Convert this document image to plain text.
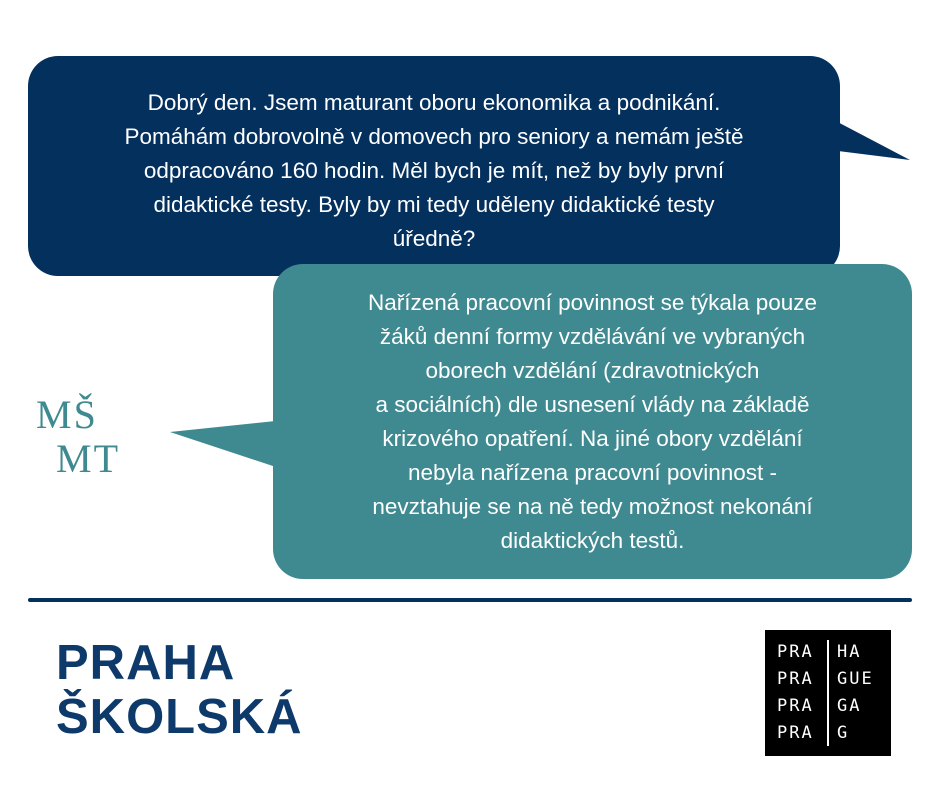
Dobrý den. Jsem maturant oboru ekonomika a podnikání.
Pomáhám dobrovolně v domovech pro seniory a nemám ještě
odpracováno 160 hodin. Měl bych je mít, než by byly první
didaktické testy. Byly by mi tedy uděleny didaktické testy
úředně?
Nařízená pracovní povinnost se týkala pouze
žáků denní formy vzdělávání ve vybraných
oborech vzdělání (zdravotnických
a sociálních) dle usnesení vlády na základě
krizového opatření. Na jiné obory vzdělání
nebyla nařízena pracovní povinnost -
nevztahuje se na ně tedy možnost nekonání
didaktických testů.
MŠ
MT
PRAHA
ŠKOLSKÁ
PRA
PRA
PRA
PRA
HA
GUE
GA
G
